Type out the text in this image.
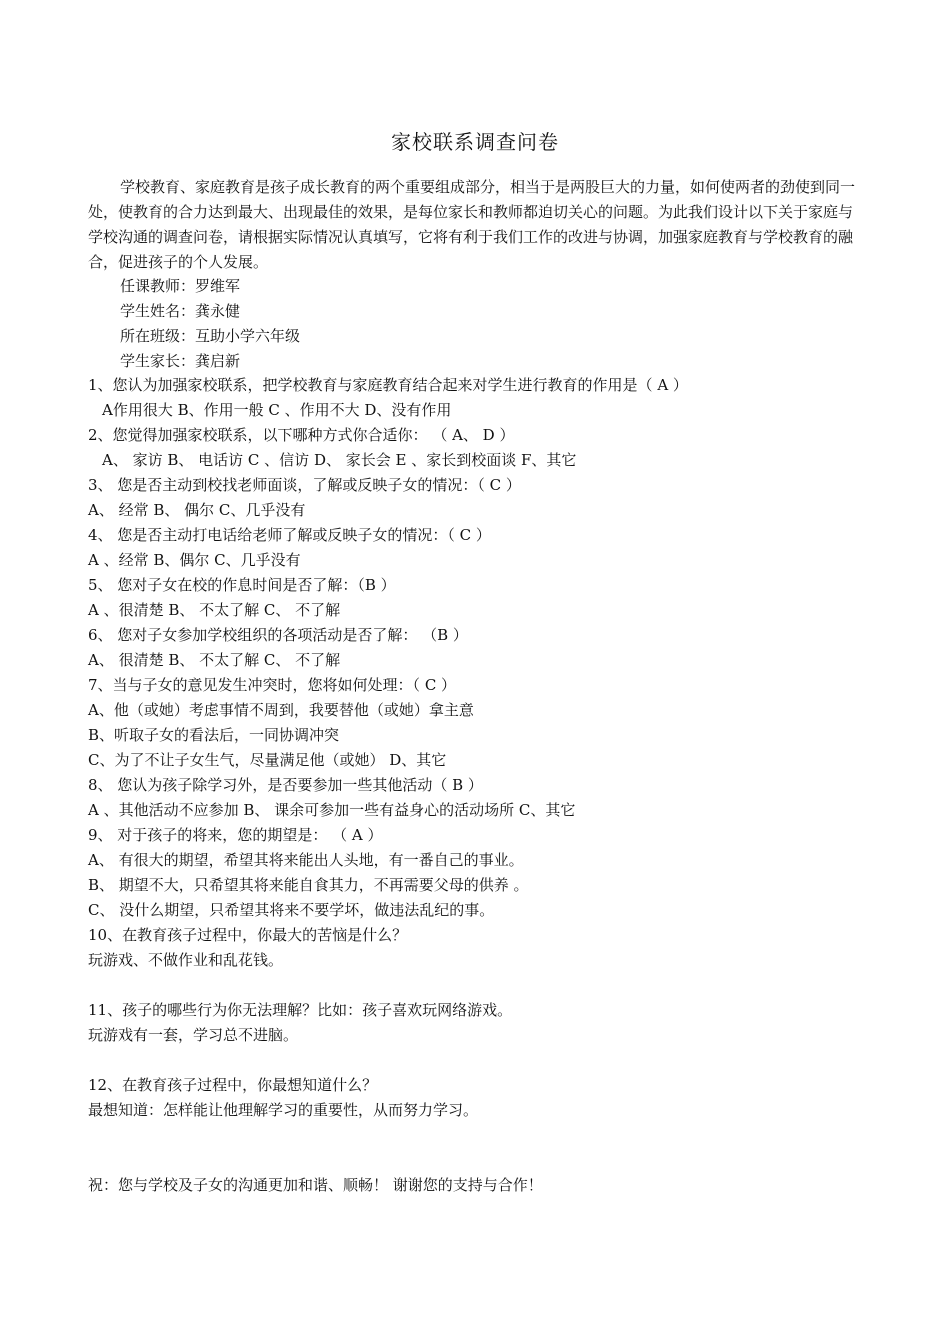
家校联系调查问卷

学校教育、家庭教育是孩子成长教育的两个重要组成部分，相当于是两股巨大的力量，如何使两者的劲使到同一处，使教育的合力达到最大、出现最佳的效果，是每位家长和教师都迫切关心的问题。为此我们设计以下关于家庭与学校沟通的调查问卷，请根据实际情况认真填写，它将有利于我们工作的改进与协调，加强家庭教育与学校教育的融合，促进孩子的个人发展。

任课教师：罗维军
学生姓名：龚永健
所在班级：互助小学六年级
学生家长：龚启新
1、您认为加强家校联系，把学校教育与家庭教育结合起来对学生进行教育的作用是（ A ）
A作用很大 B、作用一般 C 、作用不大 D、没有作用
2、您觉得加强家校联系，以下哪种方式你合适你： （ A、 D ）
A、 家访 B、 电话访 C 、信访 D、 家长会 E 、家长到校面谈 F、其它
3、 您是否主动到校找老师面谈，了解或反映子女的情况：（ C ）
A、 经常 B、 偶尔 C、几乎没有
4、 您是否主动打电话给老师了解或反映子女的情况：（ C ）
A 、经常 B、偶尔 C、几乎没有
5、 您对子女在校的作息时间是否了解：（B ）
A 、很清楚 B、 不太了解 C、 不了解
6、 您对子女参加学校组织的各项活动是否了解： （B ）
A、 很清楚 B、 不太了解 C、 不了解
7、当与子女的意见发生冲突时，您将如何处理：（ C ）
A、他（或她）考虑事情不周到，我要替他（或她）拿主意
B、听取子女的看法后，一同协调冲突
C、为了不让子女生气，尽量满足他（或她） D、其它
8、 您认为孩子除学习外，是否要参加一些其他活动（ B ）
A 、其他活动不应参加 B、 课余可参加一些有益身心的活动场所 C、其它
9、 对于孩子的将来，您的期望是： （ A ）
A、 有很大的期望，希望其将来能出人头地，有一番自己的事业。
B、 期望不大，只希望其将来能自食其力，不再需要父母的供养 。
C、 没什么期望，只希望其将来不要学坏，做违法乱纪的事。
10、在教育孩子过程中，你最大的苦恼是什么？
玩游戏、不做作业和乱花钱。
11、孩子的哪些行为你无法理解？比如：孩子喜欢玩网络游戏。
玩游戏有一套，学习总不进脑。
12、在教育孩子过程中，你最想知道什么？
最想知道：怎样能让他理解学习的重要性，从而努力学习。
祝：您与学校及子女的沟通更加和谐、顺畅！ 谢谢您的支持与合作！
